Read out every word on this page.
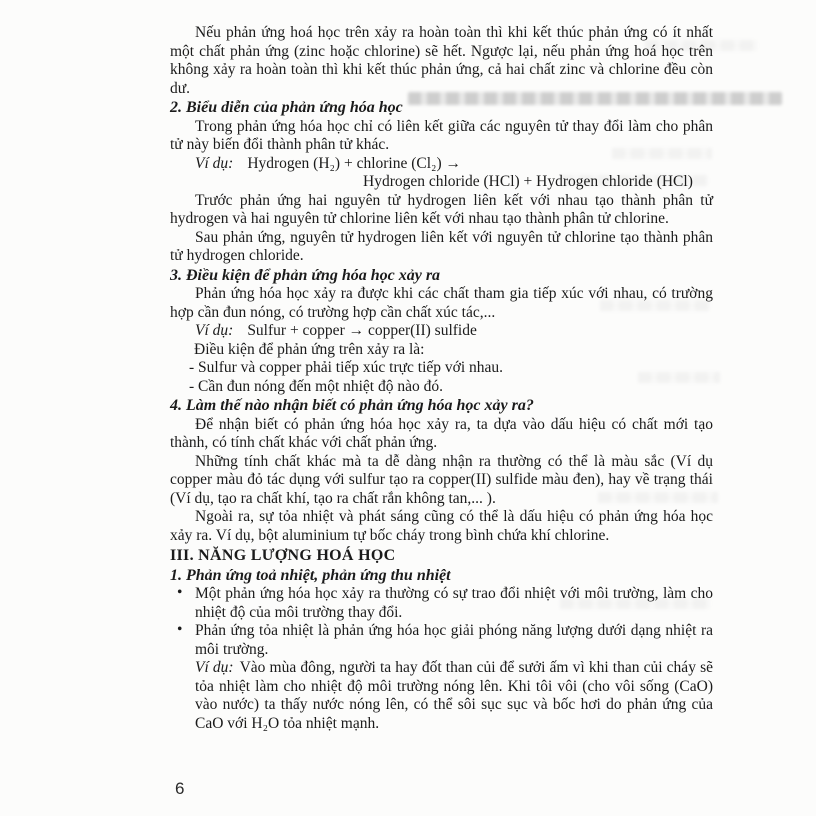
Nếu phản ứng hoá học trên xảy ra hoàn toàn thì khi kết thúc phản ứng có ít nhất một chất phản ứng (zinc hoặc chlorine) sẽ hết. Ngược lại, nếu phản ứng hoá học trên không xảy ra hoàn toàn thì khi kết thúc phản ứng, cả hai chất zinc và chlorine đều còn dư.

2. Biểu diễn của phản ứng hóa học

Trong phản ứng hóa học chỉ có liên kết giữa các nguyên tử thay đổi làm cho phân tử này biến đổi thành phân tử khác.

Ví dụ: Hydrogen (H₂) + chlorine (Cl₂) →

Hydrogen chloride (HCl) + Hydrogen chloride (HCl)

Trước phản ứng hai nguyên tử hydrogen liên kết với nhau tạo thành phân tử hydrogen và hai nguyên tử chlorine liên kết với nhau tạo thành phân tử chlorine.

Sau phản ứng, nguyên tử hydrogen liên kết với nguyên tử chlorine tạo thành phân tử hydrogen chloride.

3. Điều kiện để phản ứng hóa học xảy ra

Phản ứng hóa học xảy ra được khi các chất tham gia tiếp xúc với nhau, có trường hợp cần đun nóng, có trường hợp cần chất xúc tác,...

Ví dụ: Sulfur + copper → copper(II) sulfide

Điều kiện để phản ứng trên xảy ra là:

- Sulfur và copper phải tiếp xúc trực tiếp với nhau.

- Cần đun nóng đến một nhiệt độ nào đó.

4. Làm thế nào nhận biết có phản ứng hóa học xảy ra?

Để nhận biết có phản ứng hóa học xảy ra, ta dựa vào dấu hiệu có chất mới tạo thành, có tính chất khác với chất phản ứng.

Những tính chất khác mà ta dễ dàng nhận ra thường có thể là màu sắc (Ví dụ copper màu đỏ tác dụng với sulfur tạo ra copper(II) sulfide màu đen), hay về trạng thái (Ví dụ, tạo ra chất khí, tạo ra chất rắn không tan,... ).

Ngoài ra, sự tỏa nhiệt và phát sáng cũng có thể là dấu hiệu có phản ứng hóa học xảy ra. Ví dụ, bột aluminium tự bốc cháy trong bình chứa khí chlorine.

III. NĂNG LƯỢNG HOÁ HỌC

1. Phản ứng toả nhiệt, phản ứng thu nhiệt

• Một phản ứng hóa học xảy ra thường có sự trao đổi nhiệt với môi trường, làm cho nhiệt độ của môi trường thay đổi.
• Phản ứng tỏa nhiệt là phản ứng hóa học giải phóng năng lượng dưới dạng nhiệt ra môi trường.

Ví dụ: Vào mùa đông, người ta hay đốt than củi để sưởi ấm vì khi than củi cháy sẽ tỏa nhiệt làm cho nhiệt độ môi trường nóng lên. Khi tôi vôi (cho vôi sống (CaO) vào nước) ta thấy nước nóng lên, có thể sôi sục sục và bốc hơi do phản ứng của CaO với H₂O tỏa nhiệt mạnh.

6
